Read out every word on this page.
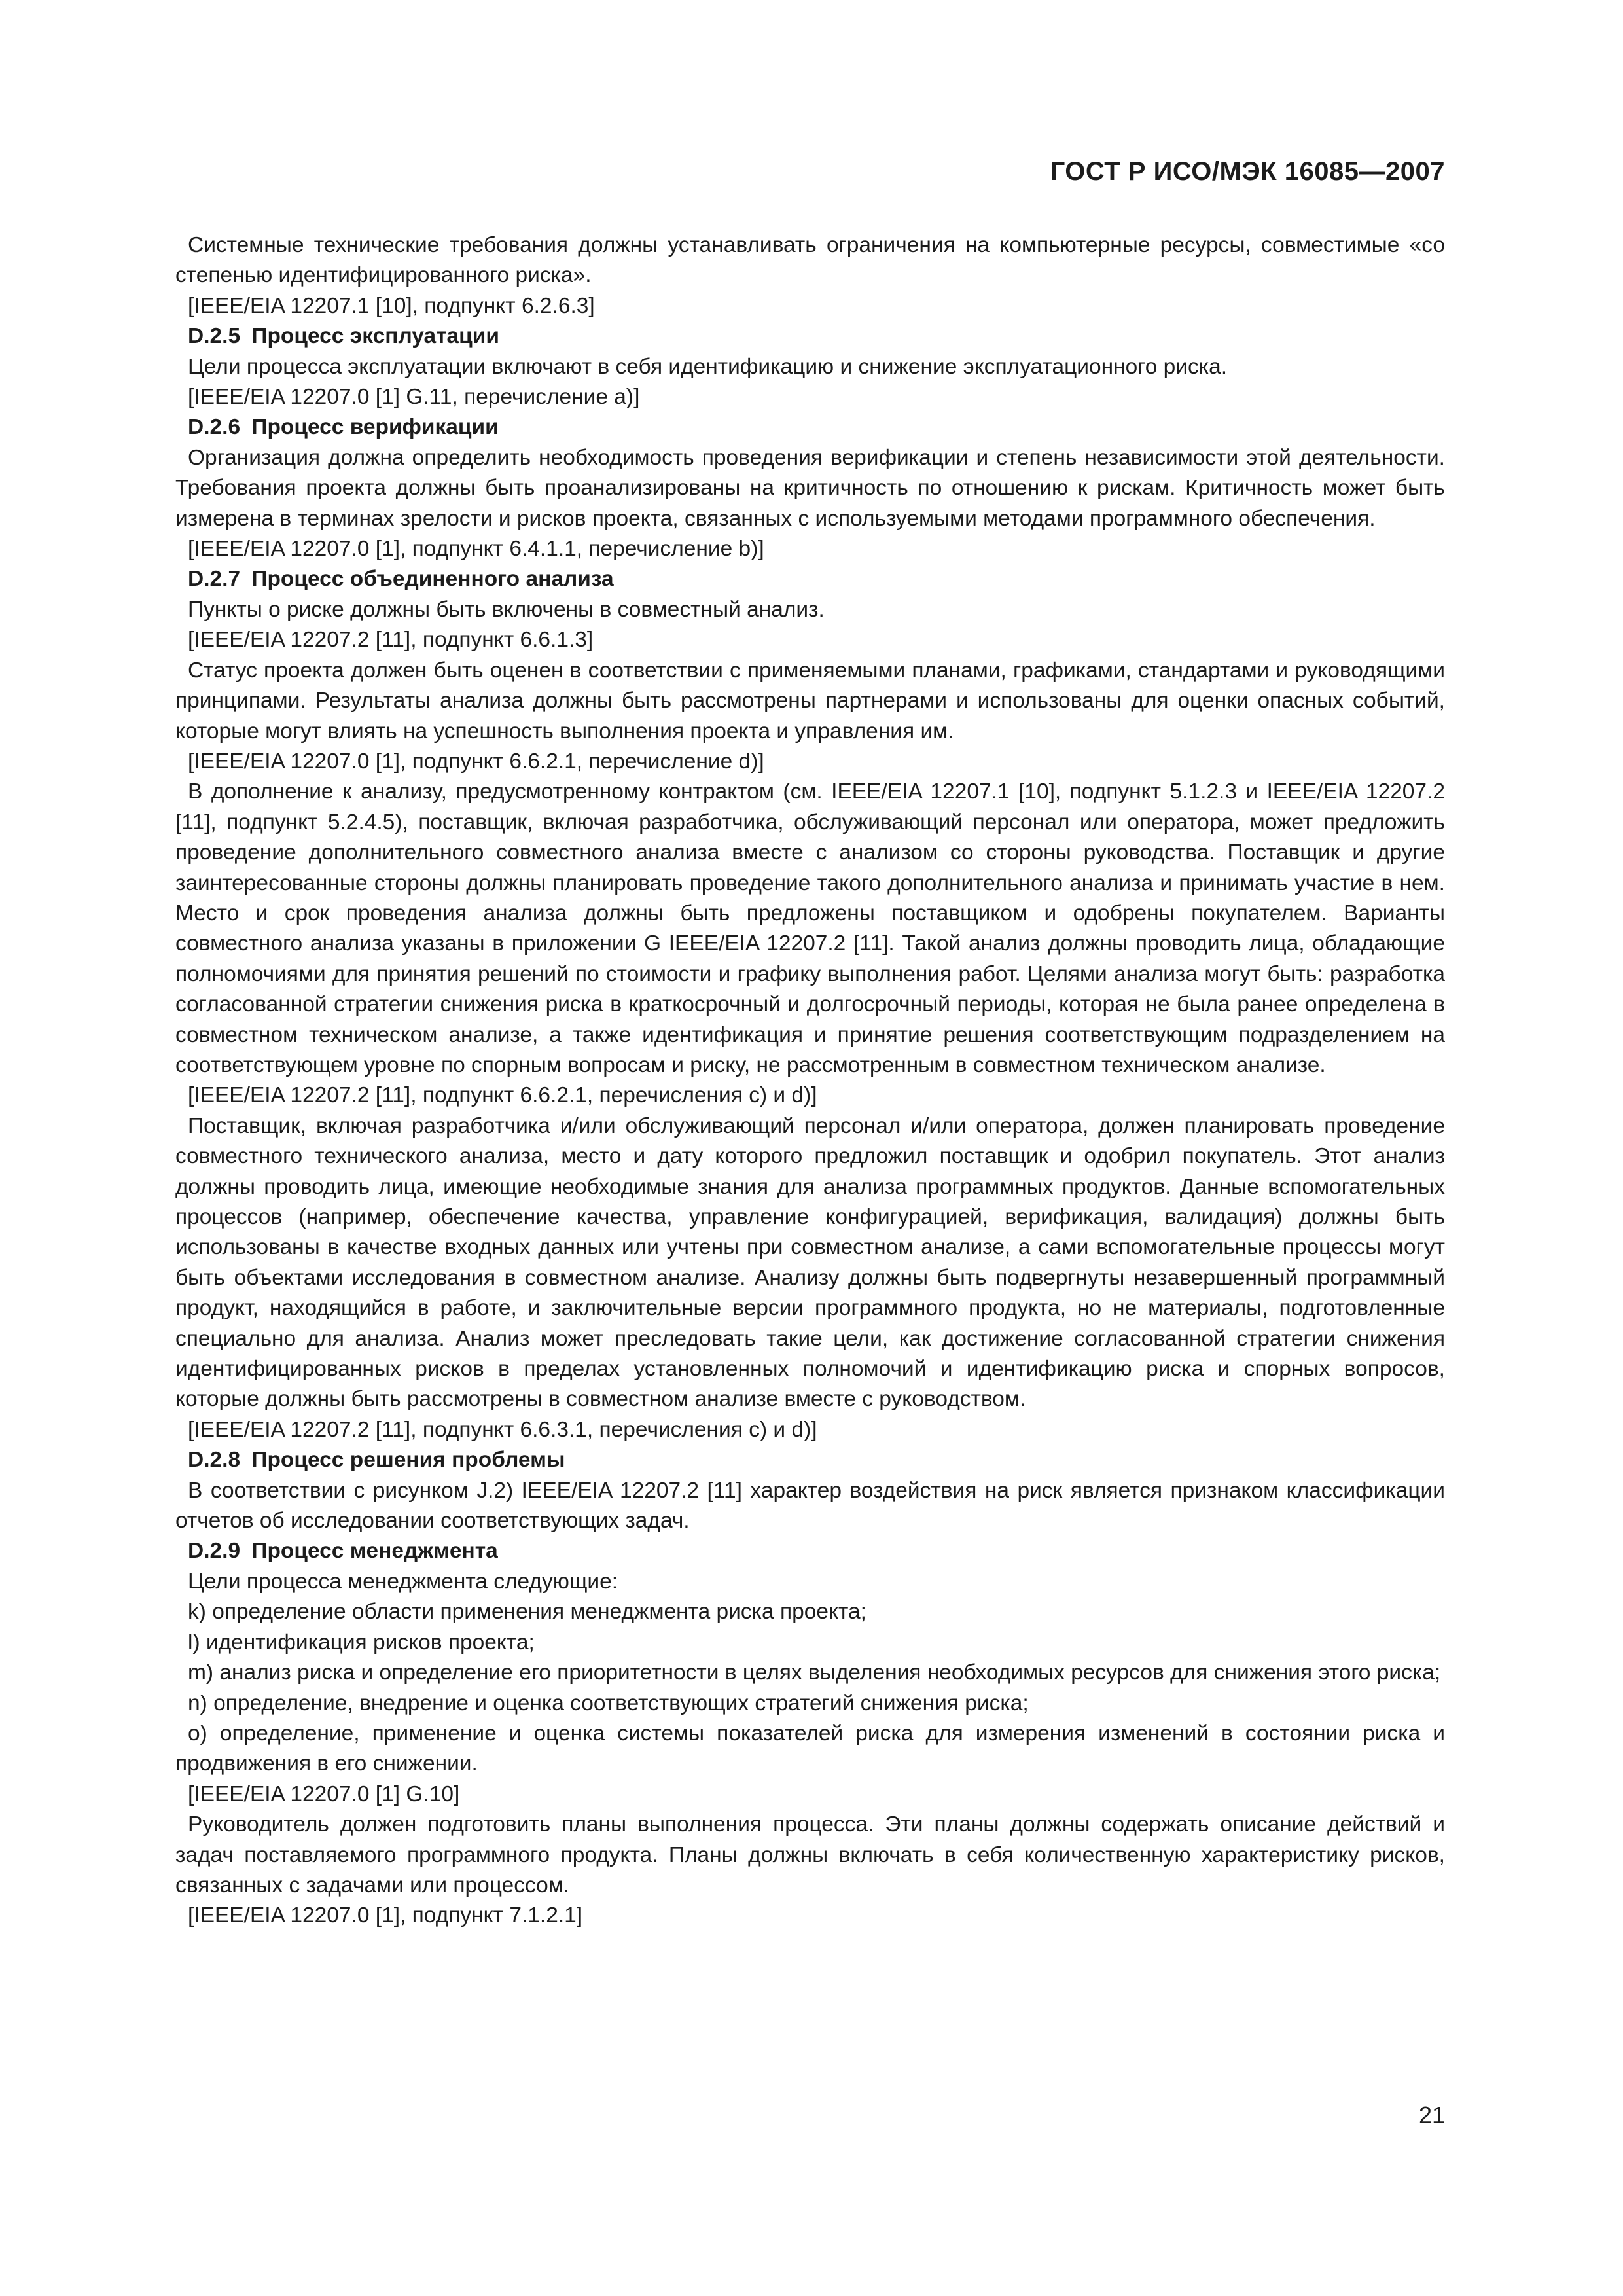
ГОСТ Р ИСО/МЭК 16085—2007

Системные технические требования должны устанавливать ограничения на компьютерные ресурсы, совместимые «со степенью идентифицированного риска».

[IEEE/EIA 12207.1 [10], подпункт 6.2.6.3]

D.2.5 Процесс эксплуатации

Цели процесса эксплуатации включают в себя идентификацию и снижение эксплуатационного риска.

[IEEE/EIA 12207.0 [1] G.11, перечисление а)]

D.2.6 Процесс верификации

Организация должна определить необходимость проведения верификации и степень независимости этой деятельности. Требования проекта должны быть проанализированы на критичность по отношению к рискам. Критичность может быть измерена в терминах зрелости и рисков проекта, связанных с используемыми методами программного обеспечения.

[IEEE/EIA 12207.0 [1], подпункт 6.4.1.1, перечисление b)]

D.2.7 Процесс объединенного анализа

Пункты о риске должны быть включены в совместный анализ.

[IEEE/EIA 12207.2 [11], подпункт 6.6.1.3]

Статус проекта должен быть оценен в соответствии с применяемыми планами, графиками, стандартами и руководящими принципами. Результаты анализа должны быть рассмотрены партнерами и использованы для оценки опасных событий, которые могут влиять на успешность выполнения проекта и управления им.

[IEEE/EIA 12207.0 [1], подпункт 6.6.2.1, перечисление d)]

В дополнение к анализу, предусмотренному контрактом (см. IEEE/EIA 12207.1 [10], подпункт 5.1.2.3 и IEEE/EIA 12207.2 [11], подпункт 5.2.4.5), поставщик, включая разработчика, обслуживающий персонал или оператора, может предложить проведение дополнительного совместного анализа вместе с анализом со стороны руководства. Поставщик и другие заинтересованные стороны должны планировать проведение такого дополнительного анализа и принимать участие в нем. Место и срок проведения анализа должны быть предложены поставщиком и одобрены покупателем. Варианты совместного анализа указаны в приложении G IEEE/EIA 12207.2 [11]. Такой анализ должны проводить лица, обладающие полномочиями для принятия решений по стоимости и графику выполнения работ. Целями анализа могут быть: разработка согласованной стратегии снижения риска в краткосрочный и долгосрочный периоды, которая не была ранее определена в совместном техническом анализе, а также идентификация и принятие решения соответствующим подразделением на соответствующем уровне по спорным вопросам и риску, не рассмотренным в совместном техническом анализе.

[IEEE/EIA 12207.2 [11], подпункт 6.6.2.1, перечисления с) и d)]

Поставщик, включая разработчика и/или обслуживающий персонал и/или оператора, должен планировать проведение совместного технического анализа, место и дату которого предложил поставщик и одобрил покупатель. Этот анализ должны проводить лица, имеющие необходимые знания для анализа программных продуктов. Данные вспомогательных процессов (например, обеспечение качества, управление конфигурацией, верификация, валидация) должны быть использованы в качестве входных данных или учтены при совместном анализе, а сами вспомогательные процессы могут быть объектами исследования в совместном анализе. Анализу должны быть подвергнуты незавершенный программный продукт, находящийся в работе, и заключительные версии программного продукта, но не материалы, подготовленные специально для анализа. Анализ может преследовать такие цели, как достижение согласованной стратегии снижения идентифицированных рисков в пределах установленных полномочий и идентификацию риска и спорных вопросов, которые должны быть рассмотрены в совместном анализе вместе с руководством.

[IEEE/EIA 12207.2 [11], подпункт 6.6.3.1, перечисления с) и d)]

D.2.8 Процесс решения проблемы

В соответствии с рисунком J.2) IEEE/EIA 12207.2 [11] характер воздействия на риск является признаком классификации отчетов об исследовании соответствующих задач.

D.2.9 Процесс менеджмента

Цели процесса менеджмента следующие:

k) определение области применения менеджмента риска проекта;

l) идентификация рисков проекта;

m) анализ риска и определение его приоритетности в целях выделения необходимых ресурсов для снижения этого риска;

n) определение, внедрение и оценка соответствующих стратегий снижения риска;

o) определение, применение и оценка системы показателей риска для измерения изменений в состоянии риска и продвижения в его снижении.

[IEEE/EIA 12207.0 [1] G.10]

Руководитель должен подготовить планы выполнения процесса. Эти планы должны содержать описание действий и задач поставляемого программного продукта. Планы должны включать в себя количественную характеристику рисков, связанных с задачами или процессом.

[IEEE/EIA 12207.0 [1], подпункт 7.1.2.1]

21
